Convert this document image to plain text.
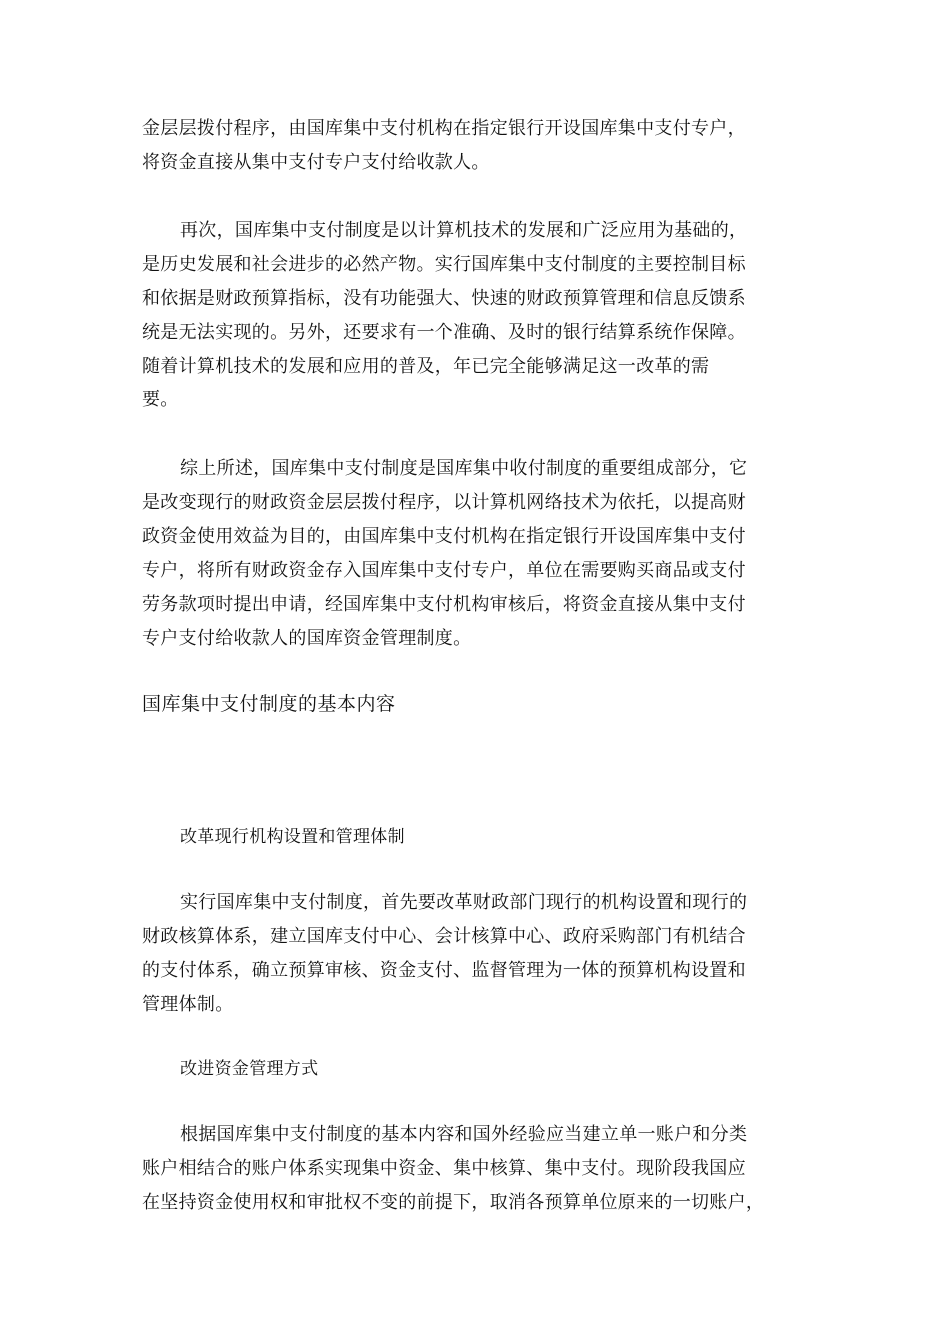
金层层拨付程序，由国库集中支付机构在指定银行开设国库集中支付专户，
将资金直接从集中支付专户支付给收款人。
再次，国库集中支付制度是以计算机技术的发展和广泛应用为基础的，
是历史发展和社会进步的必然产物。实行国库集中支付制度的主要控制目标
和依据是财政预算指标，没有功能强大、快速的财政预算管理和信息反馈系
统是无法实现的。另外，还要求有一个准确、及时的银行结算系统作保障。
随着计算机技术的发展和应用的普及，年已完全能够满足这一改革的需
要。
综上所述，国库集中支付制度是国库集中收付制度的重要组成部分，它
是改变现行的财政资金层层拨付程序，以计算机网络技术为依托，以提高财
政资金使用效益为目的，由国库集中支付机构在指定银行开设国库集中支付
专户，将所有财政资金存入国库集中支付专户，单位在需要购买商品或支付
劳务款项时提出申请，经国库集中支付机构审核后，将资金直接从集中支付
专户支付给收款人的国库资金管理制度。
国库集中支付制度的基本内容
改革现行机构设置和管理体制
实行国库集中支付制度，首先要改革财政部门现行的机构设置和现行的
财政核算体系，建立国库支付中心、会计核算中心、政府采购部门有机结合
的支付体系，确立预算审核、资金支付、监督管理为一体的预算机构设置和
管理体制。
改进资金管理方式
根据国库集中支付制度的基本内容和国外经验应当建立单一账户和分类
账户相结合的账户体系实现集中资金、集中核算、集中支付。现阶段我国应
在坚持资金使用权和审批权不变的前提下，取消各预算单位原来的一切账户，
